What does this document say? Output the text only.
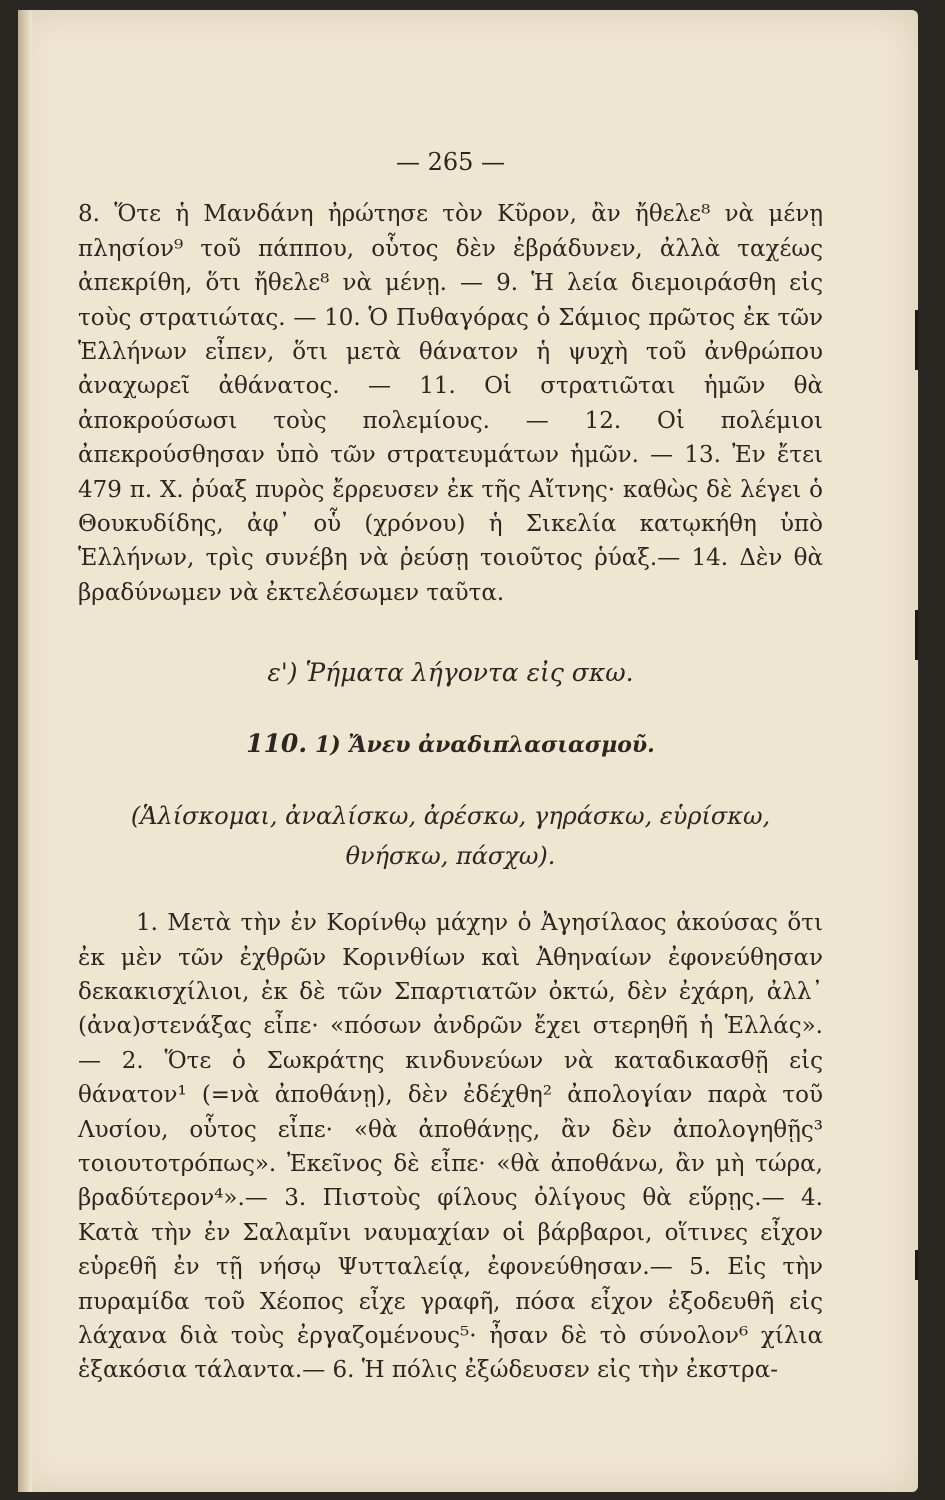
— 265 —

8. Ὅτε ἡ Μανδάνη ἠρώτησε τὸν Κῦρον, ἂν ἤθελε⁸ νὰ μένῃ πλησίον⁹ τοῦ πάππου, οὗτος δὲν ἐβράδυνεν, ἀλλὰ ταχέως ἀπεκρίθη, ὅτι ἤθελε⁸ νὰ μένῃ. — 9. Ἡ λεία διεμοιράσθη εἰς τοὺς στρατιώτας. — 10. Ὁ Πυθαγόρας ὁ Σάμιος πρῶτος ἐκ τῶν Ἑλλήνων εἶπεν, ὅτι μετὰ θάνατον ἡ ψυχὴ τοῦ ἀνθρώπου ἀναχωρεῖ ἀθάνατος. — 11. Οἱ στρατιῶται ἡμῶν θὰ ἀποκρούσωσι τοὺς πολεμίους. — 12. Οἱ πολέμιοι ἀπεκρούσθησαν ὑπὸ τῶν στρατευμάτων ἡμῶν. — 13. Ἐν ἔτει 479 π. Χ. ῥύαξ πυρὸς ἔρρευσεν ἐκ τῆς Αἴτνης· καθὼς δὲ λέγει ὁ Θουκυδίδης, ἀφ᾽ οὗ (χρόνου) ἡ Σικελία κατῳκήθη ὑπὸ Ἑλλήνων, τρὶς συνέβη νὰ ῥεύσῃ τοιοῦτος ῥύαξ.— 14. Δὲν θὰ βραδύνωμεν νὰ ἐκτελέσωμεν ταῦτα.

ε') Ῥήματα λήγοντα εἰς σκω.
110. 1) Ἄνευ ἀναδιπλασιασμοῦ.
(Ἁλίσκομαι, ἀναλίσκω, ἀρέσκω, γηράσκω, εὑρίσκω,
θνήσκω, πάσχω).

1. Μετὰ τὴν ἐν Κορίνθῳ μάχην ὁ Ἀγησίλαος ἀκούσας ὅτι ἐκ μὲν τῶν ἐχθρῶν Κορινθίων καὶ Ἀθηναίων ἐφονεύθησαν δεκακισχίλιοι, ἐκ δὲ τῶν Σπαρτιατῶν ὀκτώ, δὲν ἐχάρη, ἀλλ᾽ (ἀνα)στενάξας εἶπε· «πόσων ἀνδρῶν ἔχει στερηθῆ ἡ Ἑλλάς». — 2. Ὅτε ὁ Σωκράτης κινδυνεύων νὰ καταδικασθῇ εἰς θάνατον¹ (=νὰ ἀποθάνῃ), δὲν ἐδέχθη² ἀπολογίαν παρὰ τοῦ Λυσίου, οὗτος εἶπε· «θὰ ἀποθάνῃς, ἂν δὲν ἀπολογηθῇς³ τοιουτοτρόπως». Ἐκεῖνος δὲ εἶπε· «θὰ ἀποθάνω, ἂν μὴ τώρα, βραδύτερον⁴».— 3. Πιστοὺς φίλους ὀλίγους θὰ εὕρῃς.— 4. Κατὰ τὴν ἐν Σαλαμῖνι ναυμαχίαν οἱ βάρβαροι, οἵτινες εἶχον εὑρεθῆ ἐν τῇ νήσῳ Ψυτταλείᾳ, ἐφονεύθησαν.— 5. Εἰς τὴν πυραμίδα τοῦ Χέοπος εἶχε γραφῆ, πόσα εἶχον ἐξοδευθῆ εἰς λάχανα διὰ τοὺς ἐργαζομένους⁵· ἦσαν δὲ τὸ σύνολον⁶ χίλια ἑξακόσια τάλαντα.— 6. Ἡ πόλις ἐξώδευσεν εἰς τὴν ἐκστρα-
